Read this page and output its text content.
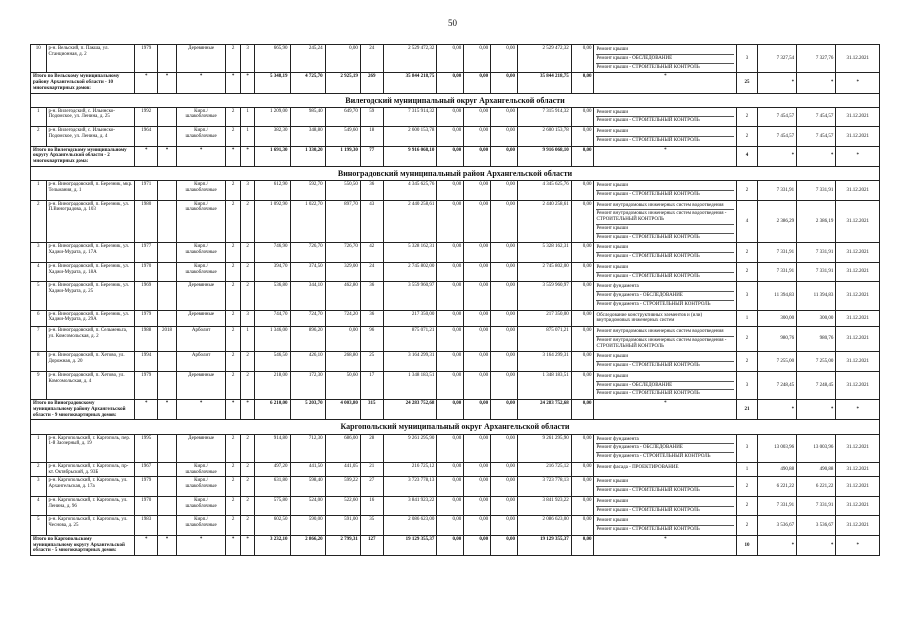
50
10	р-н. Вельский, п. Пакша, ул. Станционная, д. 2	1979		Деревянные	2	3	665,90	245,24	0,00	24	2 529 472,32	0,00	0,00	0,00	2 529 472,32	0,00	Ремонт крыши
Ремонт крыши - ОБСЛЕДОВАНИЕ
Ремонт крыши - СТРОИТЕЛЬНЫЙ КОНТРОЛЬ	3	7 327,54	7 327,76	31.12.2021
Итого по Вельскому муниципальному району Архангельской области - 10 многоквартирных домов:		*	*	*	*	*	5 348,19	4 725,70	2 925,19	269	35 844 218,75	0,00	0,00	0,00	35 844 218,75	0,00	*	25	*	*	*
Вилегодский муниципальный округ Архангельской области																					
1	р-н. Вилегодский, с. Ильинско-Подомское, ул. Ленина, д. 25	1992		Кирп./ шлакоблочные	2	1	1 209,00	985,40	649,70	59	7 315 914,32	0,00	0,00	0,00	7 315 914,32	0,00	Ремонт крыши
Ремонт крыши - СТРОИТЕЛЬНЫЙ КОНТРОЛЬ	2	7 454,57	7 454,57	31.12.2021
2	р-н. Вилегодский, с. Ильинско-Подомское, ул. Ленина, д. 4	1964		Кирп./ шлакоблочные	2	1	382,30	348,80	549,60	18	2 600 153,78	0,00	0,00	0,00	2 600 153,78	0,00	Ремонт крыши
Ремонт крыши - СТРОИТЕЛЬНЫЙ КОНТРОЛЬ	2	7 454,57	7 454,57	31.12.2021
Итого по Вилегодскому муниципальному округу Архангельской области - 2 многоквартирных дома:		*	*	*	*	*	1 691,30	1 330,20	1 199,30	77	9 916 068,10	0,00	0,00	0,00	9 916 068,10	0,00	*	4	*	*	*
Виноградовский муниципальный район Архангельской области																					
1	р-н. Виноградовский, п. Березник, мкр. Тельмания, д. 1	1971		Кирп./ шлакоблочные	2	3	612,90	592,70	550,50	36	4 345 625,76	0,00	0,00	0,00	4 345 625,76	0,00	Ремонт крыши
Ремонт крыши - СТРОИТЕЛЬНЫЙ КОНТРОЛЬ	2	7 331,91	7 331,91	31.12.2021
2	р-н. Виноградовский, п. Березник, ул. П.Виноградова, д. 103	1980		Кирп./ шлакоблочные	2	2	1 092,90	1 022,70	897,70	43	2 440 258,61	0,00	0,00	0,00	2 440 258,61	0,00	Ремонт внутридомовых инженерных систем водоотведения
Ремонт внутридомовых инженерных систем водоотведения - СТРОИТЕЛЬНЫЙ КОНТРОЛЬ
Ремонт крыши
Ремонт крыши - СТРОИТЕЛЬНЫЙ КОНТРОЛЬ	4	2 386,29	2 386,19	31.12.2021
3	р-н. Виноградовский, п. Березник, ул. Хаджи-Мурата, д. 17А	1977		Кирп./ шлакоблочные	2	2	746,90	726,70	726,70	42	5 328 162,31	0,00	0,00	0,00	5 328 162,31	0,00	Ремонт крыши
Ремонт крыши - СТРОИТЕЛЬНЫЙ КОНТРОЛЬ	2	7 331,91	7 331,91	31.12.2021
4	р-н. Виноградовский, п. Березник, ул. Хаджи-Мурата, д. 18А	1970		Кирп./ шлакоблочные	2	2	394,70	374,50	329,00	24	2 745 802,00	0,00	0,00	0,00	2 745 802,00	0,00	Ремонт крыши
Ремонт крыши - СТРОИТЕЛЬНЫЙ КОНТРОЛЬ	2	7 331,91	7 331,91	31.12.2021
5	р-н. Виноградовский, п. Березник, ул. Хаджи-Мурата, д. 25	1969		Деревянные	2	2	536,80	344,10	462,80	36	3 559 960,97	0,00	0,00	0,00	3 559 960,97	0,00	Ремонт фундамента
Ремонт фундамента - ОБСЛЕДОВАНИЕ
Ремонт фундамента - СТРОИТЕЛЬНЫЙ КОНТРОЛЬ	3	11 394,83	11 394,83	31.12.2021
6	р-н. Виноградовский, п. Березник, ул. Хаджи-Мурата, д. 29А	1979		Деревянные	2	3	744,70	724,70	724,20	36	217 350,00	0,00	0,00	0,00	217 350,00	0,00	Обследование конструктивных элементов и (или) внутридомовых инженерных систем	1	300,00	300,00	31.12.2021
7	р-н. Виноградовский, п. Сельменьга, ул. Комсомольская, д. 2	1988	2018	Арболит	2	1	1 346,00	896,20	0,00	96	875 071,21	0,00	0,00	0,00	875 071,21	0,00	Ремонт внутридомовых инженерных систем водоотведения
Ремонт внутридомовых инженерных систем водоотведения - СТРОИТЕЛЬНЫЙ КОНТРОЛЬ	2	980,76	980,76	31.12.2021
8	р-н. Виноградовский, п. Хетово, ул. Дорожная, д. 20	1994		Арболит	2	2	546,50	426,10	268,80	25	3 164 299,31	0,00	0,00	0,00	3 164 299,31	0,00	Ремонт крыши
Ремонт крыши - СТРОИТЕЛЬНЫЙ КОНТРОЛЬ	2	7 255,00	7 255,00	31.12.2021
9	р-н. Виноградовский, п. Хетово, ул. Комсомольская, д. 4	1979		Деревянные	2	2	218,00	172,30	50,60	17	1 348 183,51	0,00	0,00	0,00	1 348 183,51	0,00	Ремонт крыши
Ремонт крыши - ОБСЛЕДОВАНИЕ
Ремонт крыши - СТРОИТЕЛЬНЫЙ КОНТРОЛЬ	3	7 248,45	7 248,45	31.12.2021
Итого по Виноградовскому муниципальному району Архангельской области - 9 многоквартирных домов:		*	*	*	*	*	6 210,00	5 203,70	4 003,80	315	24 283 752,68	0,00	0,00	0,00	24 283 752,68	0,00	*	21	*	*	*
Каргопольский муниципальный округ Архангельской области																					
1	р-н. Каргопольский, г. Каргополь, пер. 1-й Заозерный, д. 19	1995		Деревянные	2	2	914,80	712,30	686,00	28	9 261 295,90	0,00	0,00	0,00	9 261 295,90	0,00	Ремонт фундамента
Ремонт фундамента - ОБСЛЕДОВАНИЕ
Ремонт фундамента - СТРОИТЕЛЬНЫЙ КОНТРОЛЬ	3	13 003,96	13 003,96	31.12.2021
2	р-н. Каргопольский, г. Каргополь, пр-кт. Октябрьский, д. 93Б	1967		Кирп./ шлакоблочные	2	2	497,20	441,50	441,05	21	216 725,12	0,00	0,00	0,00	216 725,12	0,00	Ремонт фасада - ПРОЕКТИРОВАНИЕ	1	490,88	490,88	31.12.2021
3	р-н. Каргопольский, г. Каргополь, ул. Архангельская, д. 17а	1979		Кирп./ шлакоблочные	2	2	631,80	598,40	599,22	27	3 723 778,13	0,00	0,00	0,00	3 723 778,13	0,00	Ремонт крыши
Ремонт крыши - СТРОИТЕЛЬНЫЙ КОНТРОЛЬ	2	6 221,22	6 221,22	31.12.2021
4	р-н. Каргопольский, г. Каргополь, ул. Ленина, д. 96	1970		Кирп./ шлакоблочные	2	2	575,80	524,00	522,60	16	3 841 923,22	0,00	0,00	0,00	3 841 923,22	0,00	Ремонт крыши
Ремонт крыши - СТРОИТЕЛЬНЫЙ КОНТРОЛЬ	2	7 331,91	7 331,91	31.12.2021
5	р-н. Каргопольский, г. Каргополь, ул. Чеснова, д. 25	1983		Кирп./ шлакоблочные	2	2	602,50	590,00	591,00	35	2 086 623,00	0,00	0,00	0,00	2 086 623,00	0,00	Ремонт крыши
Ремонт крыши - СТРОИТЕЛЬНЫЙ КОНТРОЛЬ	2	3 536,67	3 536,67	31.12.2021
Итого по Каргопольскому муниципальному округу Архангельской области - 5 многоквартирных домов:		*	*	*	*	*	3 232,10	2 866,20	2 799,31	127	19 129 355,37	0,00	0,00	0,00	19 129 355,37	0,00	*	10	*	*	*
